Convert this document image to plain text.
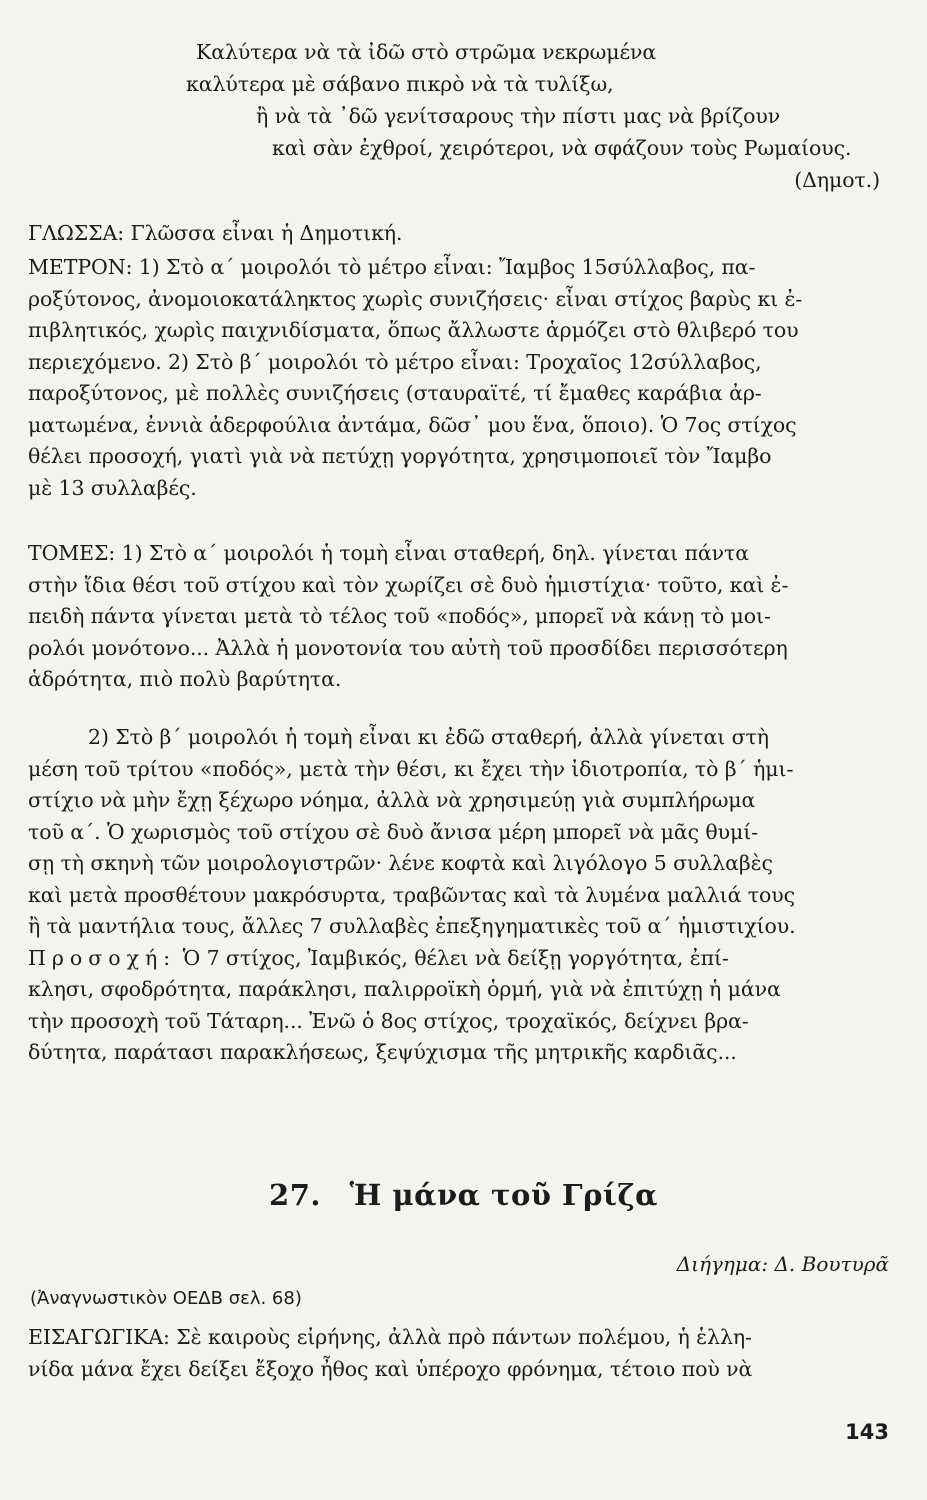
Καλύτερα νὰ τὰ ἰδῶ στὸ στρῶμα νεκρωμένα
καλύτερα μὲ σάβανο πικρὸ νὰ τὰ τυλίξω,
ἢ νὰ τὰ ᾿δῶ γενίτσαρους τὴν πίστι μας νὰ βρίζουν
καὶ σὰν ἐχθροί, χειρότεροι, νὰ σφάζουν τοὺς Ρωμαίους.
(Δημοτ.)
ΓΛΩΣΣΑ: Γλῶσσα εἶναι ἡ Δημοτική.
ΜΕΤΡΟΝ: 1) Στὸ α΄ μοιρολόι τὸ μέτρο εἶναι: Ἴαμβος 15σύλλαβος, πα-
ροξύτονος, ἀνομοιοκατάληκτος χωρὶς συνιζήσεις· εἶναι στίχος βαρὺς κι ἐ-
πιβλητικός, χωρὶς παιχνιδίσματα, ὅπως ἄλλωστε ἁρμόζει στὸ θλιβερό του
περιεχόμενο. 2) Στὸ β΄ μοιρολόι τὸ μέτρο εἶναι: Τροχαῖος 12σύλλαβος,
παροξύτονος, μὲ πολλὲς συνιζήσεις (σταυραϊτέ, τί ἔμαθες καράβια ἀρ-
ματωμένα, ἐννιὰ ἀδερφούλια ἀντάμα, δῶσ᾿ μου ἕνα, ὅποιο). Ὁ 7ος στίχος
θέλει προσοχή, γιατὶ γιὰ νὰ πετύχῃ γοργότητα, χρησιμοποιεῖ τὸν Ἴαμβο
μὲ 13 συλλαβές.
ΤΟΜΕΣ: 1) Στὸ α΄ μοιρολόι ἡ τομὴ εἶναι σταθερή, δηλ. γίνεται πάντα
στὴν ἴδια θέσι τοῦ στίχου καὶ τὸν χωρίζει σὲ δυὸ ἡμιστίχια· τοῦτο, καὶ ἐ-
πειδὴ πάντα γίνεται μετὰ τὸ τέλος τοῦ «ποδός», μπορεῖ νὰ κάνῃ τὸ μοι-
ρολόι μονότονο... Ἀλλὰ ἡ μονοτονία του αὐτὴ τοῦ προσδίδει περισσότερη
ἁδρότητα, πιὸ πολὺ βαρύτητα.
2) Στὸ β΄ μοιρολόι ἡ τομὴ εἶναι κι ἐδῶ σταθερή, ἀλλὰ γίνεται στὴ
μέση τοῦ τρίτου «ποδός», μετὰ τὴν θέσι, κι ἔχει τὴν ἰδιοτροπία, τὸ β΄ ἡμι-
στίχιο νὰ μὴν ἔχῃ ξέχωρο νόημα, ἀλλὰ νὰ χρησιμεύῃ γιὰ συμπλήρωμα
τοῦ α΄. Ὁ χωρισμὸς τοῦ στίχου σὲ δυὸ ἄνισα μέρη μπορεῖ νὰ μᾶς θυμί-
σῃ τὴ σκηνὴ τῶν μοιρολογιστρῶν· λένε κοφτὰ καὶ λιγόλογο 5 συλλαβὲς
καὶ μετὰ προσθέτουν μακρόσυρτα, τραβῶντας καὶ τὰ λυμένα μαλλιά τους
ἢ τὰ μαντήλια τους, ἄλλες 7 συλλαβὲς ἐπεξηγηματικὲς τοῦ α΄ ἡμιστιχίου.
Προσοχή: Ὁ 7 στίχος, Ἰαμβικός, θέλει νὰ δείξῃ γοργότητα, ἐπί-
κλησι, σφοδρότητα, παράκλησι, παλιρροϊκὴ ὁρμή, γιὰ νὰ ἐπιτύχῃ ἡ μάνα
τὴν προσοχὴ τοῦ Τάταρη... Ἐνῶ ὁ 8ος στίχος, τροχαϊκός, δείχνει βρα-
δύτητα, παράτασι παρακλήσεως, ξεψύχισμα τῆς μητρικῆς καρδιᾶς...
27. Ἡ μάνα τοῦ Γρίζα
Διήγημα: Δ. Βουτυρᾶ
(Ἀναγνωστικὸν ΟΕΔΒ σελ. 68)
ΕΙΣΑΓΩΓΙΚΑ: Σὲ καιροὺς εἰρήνης, ἀλλὰ πρὸ πάντων πολέμου, ἡ ἑλλη-
νίδα μάνα ἔχει δείξει ἔξοχο ἦθος καὶ ὑπέροχο φρόνημα, τέτοιο ποὺ νὰ
143
